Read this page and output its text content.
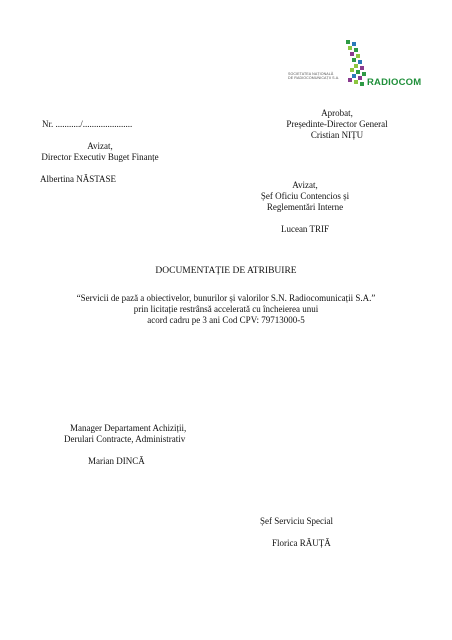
SOCIETATEA NAȚIONALĂ
DE RADIOCOMUNICAȚII S.A.	RADIOCOM
Aprobat,
Președinte-Director General
Cristian NIȚU
Nr. .........../......................
Avizat,
Director Executiv Buget Finanțe
Albertina NĂSTASE
Avizat,
Șef Oficiu Contencios și
Reglementări Interne
Lucean TRIF
DOCUMENTAȚIE DE ATRIBUIRE
“Servicii de pază a obiectivelor, bunurilor și valorilor S.N. Radiocomunicații S.A.”
prin licitație restrânsă accelerată cu încheierea unui
acord cadru pe 3 ani Cod CPV: 79713000-5
Manager Departament Achiziții,
Derulari Contracte, Administrativ
Marian DINCĂ
Șef Serviciu Special
Florica RĂUȚĂ
